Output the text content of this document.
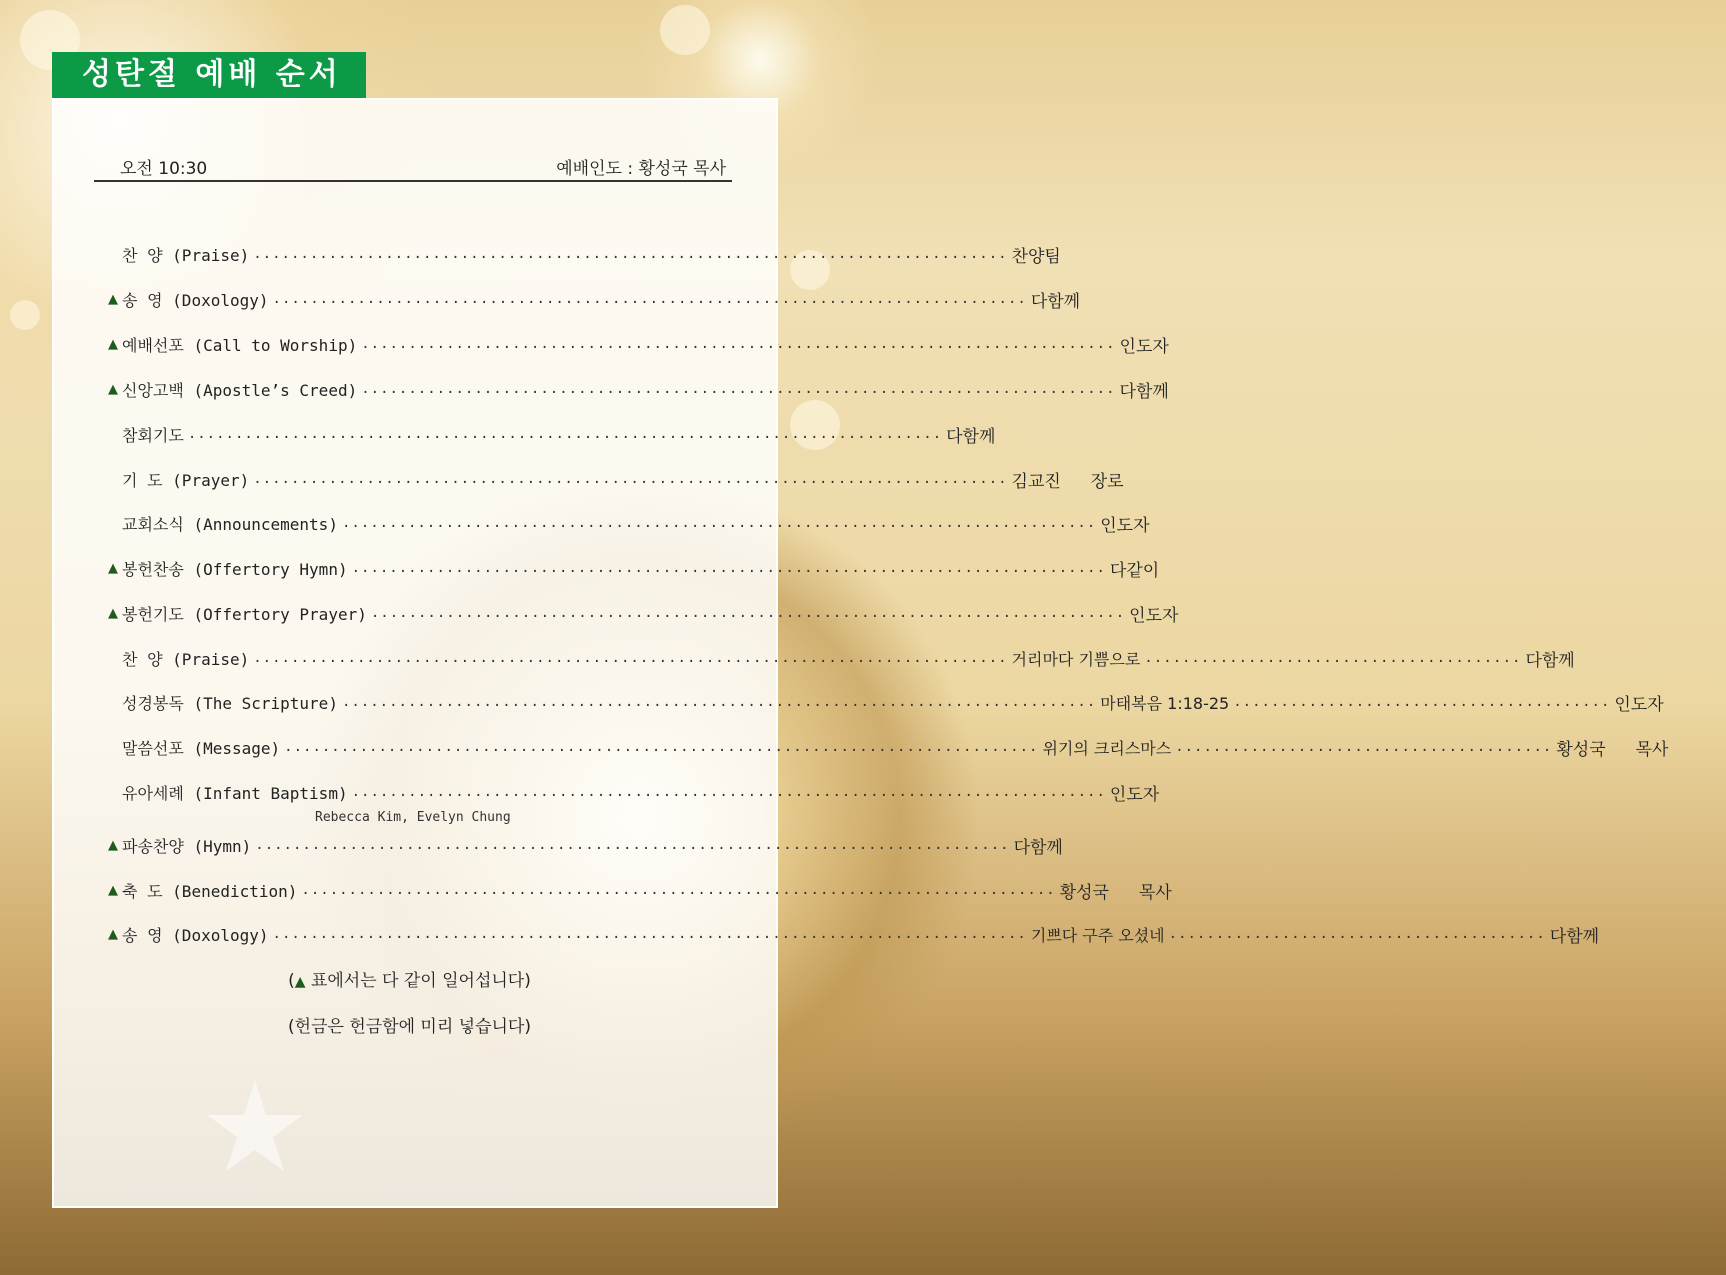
성탄절 예배 순서
오전 10:30	예배인도 : 황성국 목사
찬 양 (Praise) ................................................................................ 찬양팀
▲ 송 영 (Doxology) ................................................................................ 다함께
▲ 예배선포 (Call to Worship) ................................................................................ 인도자
▲ 신앙고백 (Apostle’s Creed) ................................................................................ 다함께
참회기도 ................................................................................ 다함께
기 도 (Prayer) ................................................................................ 김교진 장로
교회소식 (Announcements) ................................................................................ 인도자
▲ 봉헌찬송 (Offertory Hymn) ................................................................................ 다같이
▲ 봉헌기도 (Offertory Prayer) ................................................................................ 인도자
찬 양 (Praise) ................................................................................ 거리마다 기쁨으로 ........................................ 다함께
성경봉독 (The Scripture) ................................................................................ 마태복음 1:18-25 ........................................ 인도자
말씀선포 (Message) ................................................................................ 위기의 크리스마스 ........................................ 황성국 목사
유아세례 (Infant Baptism) ................................................................................ 인도자
▲ 파송찬양 (Hymn) ................................................................................ 다함께
▲ 축 도 (Benediction) ................................................................................ 황성국 목사
▲ 송 영 (Doxology) ................................................................................ 기쁘다 구주 오셨네 ........................................ 다함께
Rebecca Kim, Evelyn Chung
(▲ 표에서는 다 같이 일어섭니다)
(헌금은 헌금함에 미리 넣습니다)
